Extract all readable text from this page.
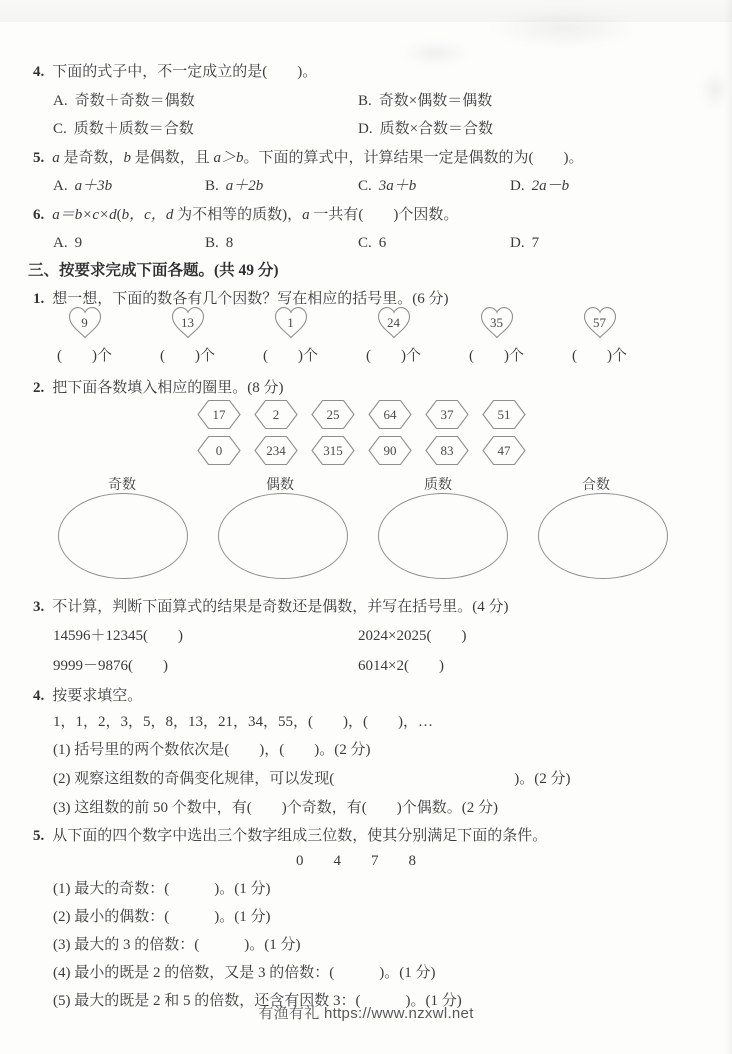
4. 下面的式子中，不一定成立的是(　　)。
A. 奇数＋奇数＝偶数	B. 奇数×偶数＝偶数
C. 质数＋质数＝合数	D. 质数×合数＝合数
5. a 是奇数，b 是偶数，且 a＞b。下面的算式中，计算结果一定是偶数的为(　　)。
A. a＋3b	B. a＋2b	C. 3a＋b	D. 2a－b
6. a＝b×c×d(b，c，d 为不相等的质数)，a 一共有(　　)个因数。
A. 9	B. 8	C. 6	D. 7
三、按要求完成下面各题。(共 49 分)
1. 想一想，下面的数各有几个因数？写在相应的括号里。(6 分)
9
(　　)个
13
(　　)个
1
(　　)个
24
(　　)个
35
(　　)个
57
(　　)个
2. 把下面各数填入相应的圈里。(8 分)
17	2	25	64	37	51
0	234	315	90	83	47
奇数	偶数	质数	合数
3. 不计算，判断下面算式的结果是奇数还是偶数，并写在括号里。(4 分)
14596＋12345(　　)	2024×2025(　　)
9999－9876(　　)	6014×2(　　)
4. 按要求填空。
1，1，2，3，5，8，13，21，34，55，(　　)，(　　)，…
(1) 括号里的两个数依次是(　　)，(　　)。(2 分)
(2) 观察这组数的奇偶变化规律，可以发现(　　　　　　　　　　　　)。(2 分)
(3) 这组数的前 50 个数中，有(　　)个奇数，有(　　)个偶数。(2 分)
5. 从下面的四个数字中选出三个数字组成三位数，使其分别满足下面的条件。
0 4 7 8
(1) 最大的奇数：(　　　)。(1 分)
(2) 最小的偶数：(　　　)。(1 分)
(3) 最大的 3 的倍数：(　　　)。(1 分)
(4) 最小的既是 2 的倍数，又是 3 的倍数：(　　　)。(1 分)
(5) 最大的既是 2 和 5 的倍数，还含有因数 3：(　　　)。(1 分)
有渔有礼 https://www.nzxwl.net
